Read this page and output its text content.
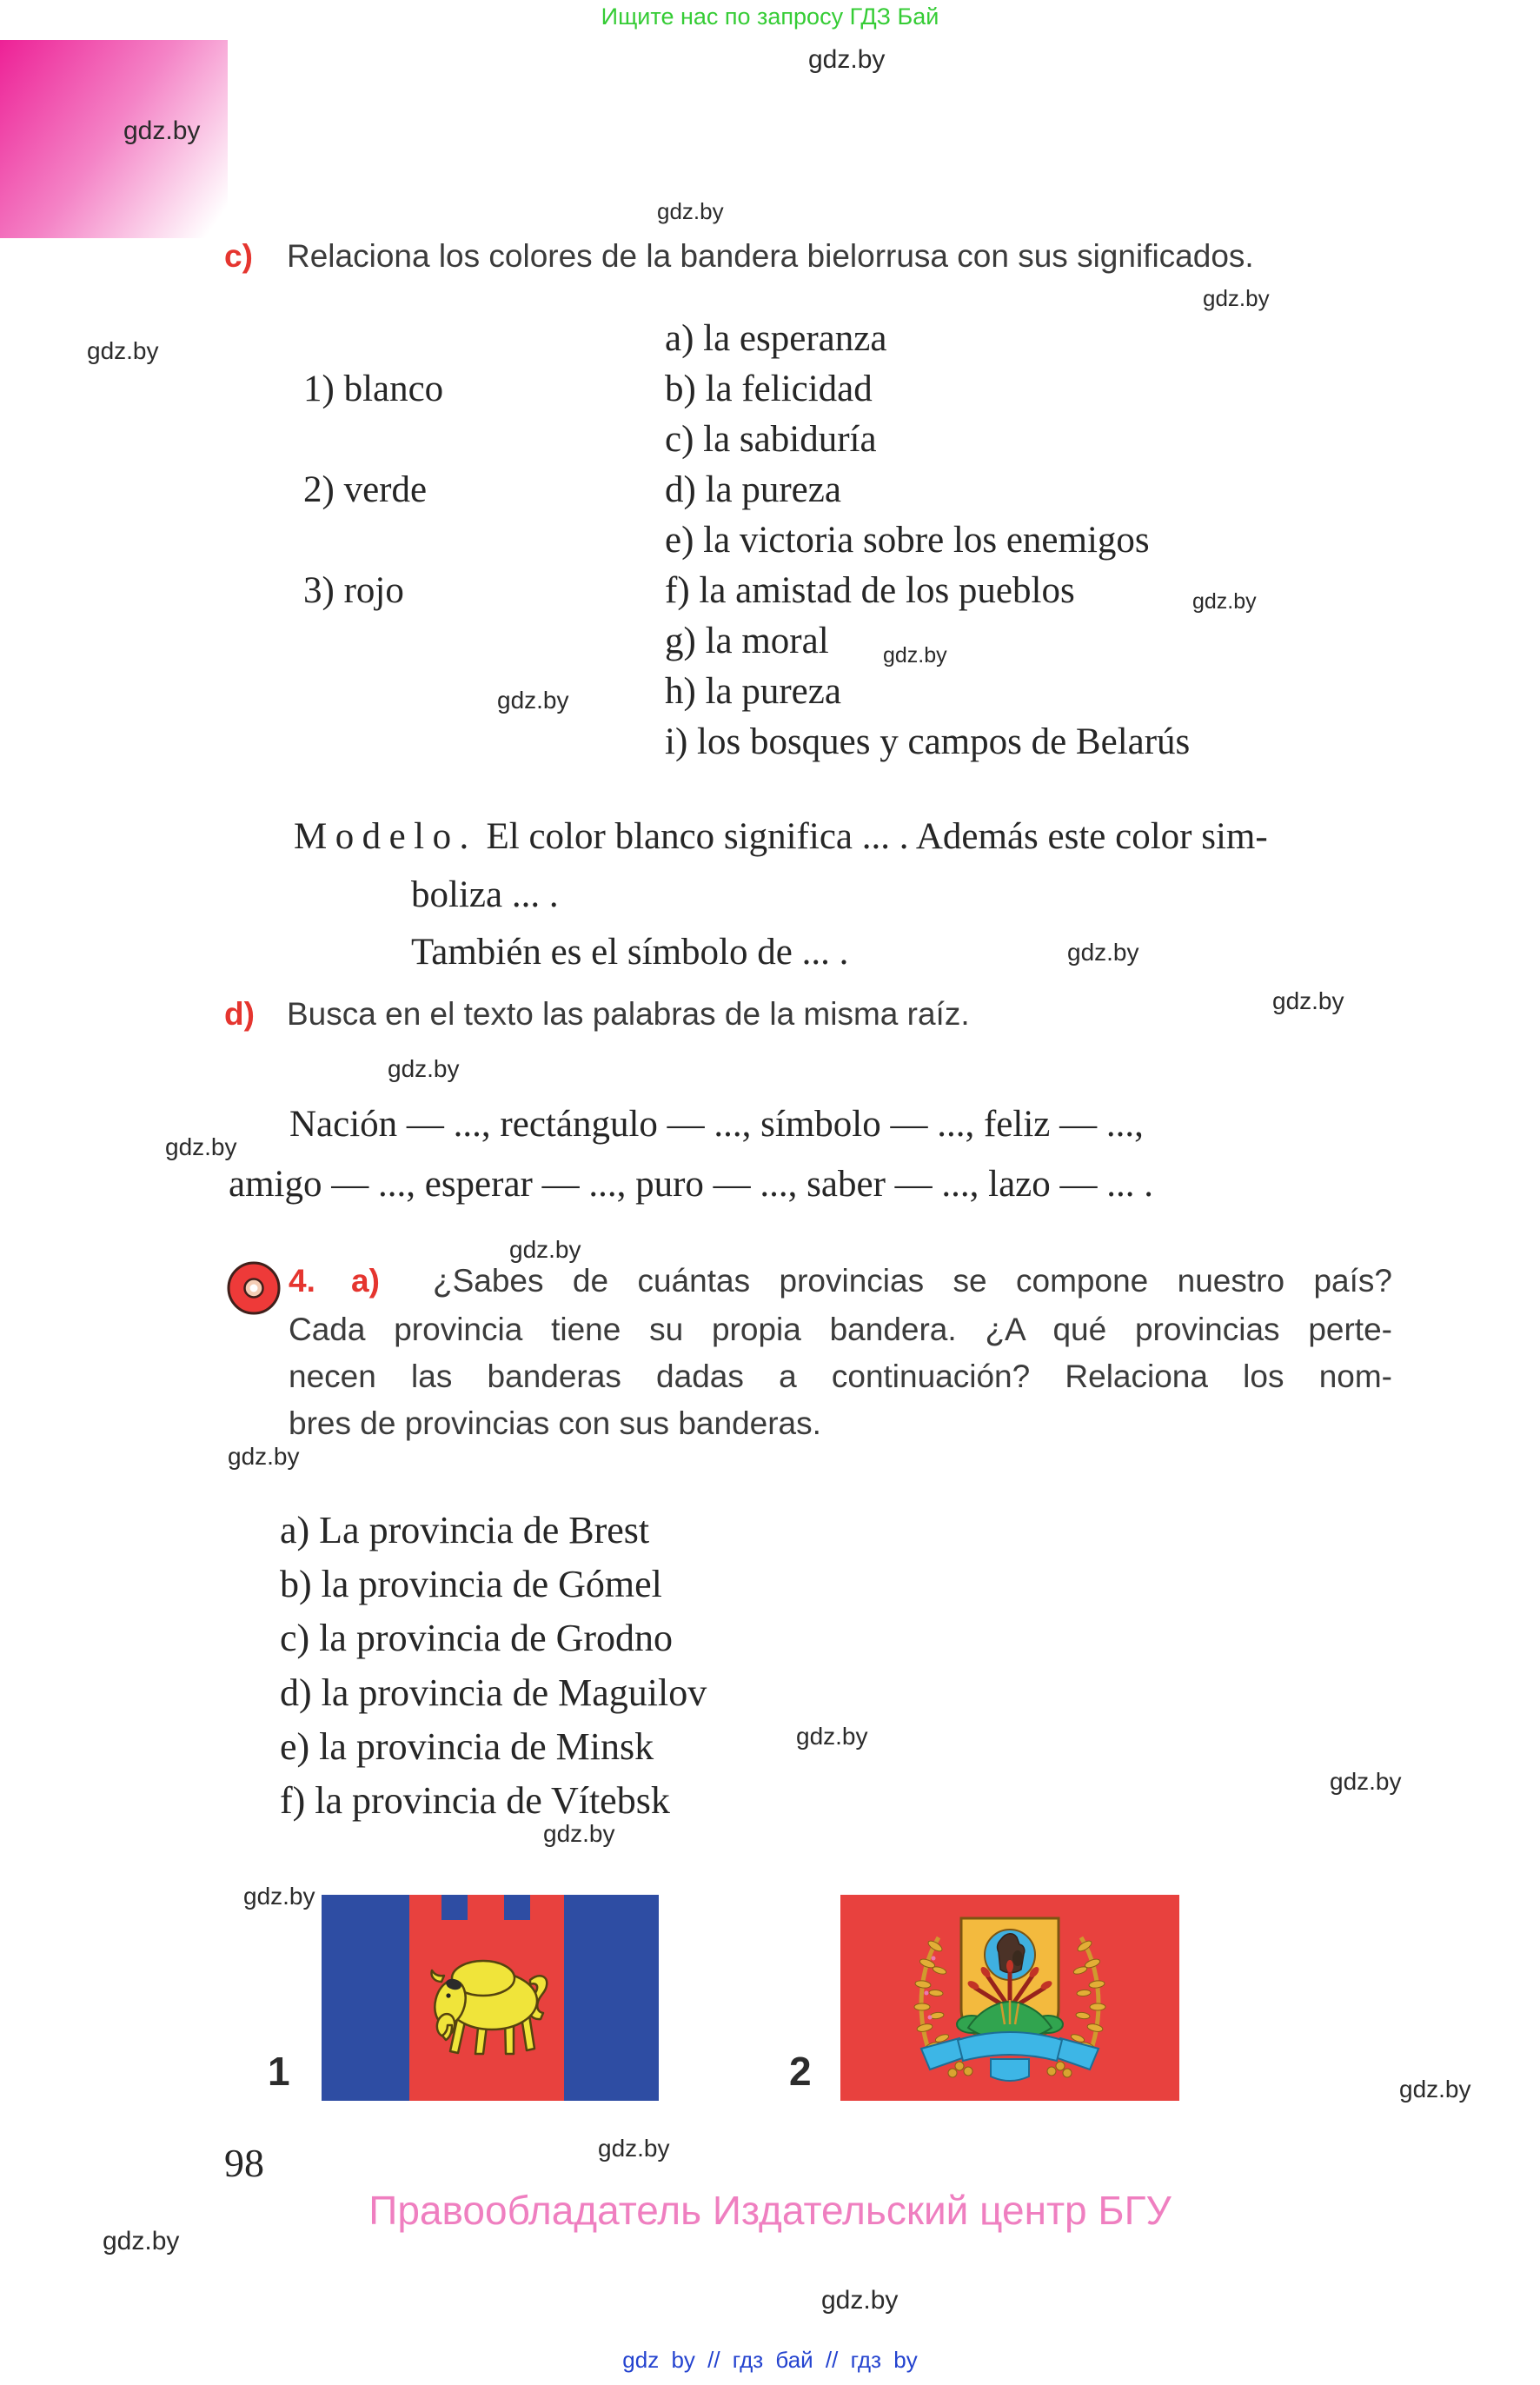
Ищите нас по запросу ГДЗ Бай
gdz.by
gdz.by
gdz.by
gdz.by
gdz.by
gdz.by
gdz.by
gdz.by
gdz.by
gdz.by
gdz.by
gdz.by
gdz.by
gdz.by
gdz.by
gdz.by
gdz.by
gdz.by
gdz.by
gdz.by
gdz.by
gdz.by
c) Relaciona los colores de la bandera bielorrusa con sus significados.
1) blanco
2) verde
3) rojo
a) la esperanza
b) la felicidad
c) la sabiduría
d) la pureza
e) la victoria sobre los enemigos
f) la amistad de los pueblos
g) la moral
h) la pureza
i) los bosques y campos de Belarús
Modelo. El color blanco significa ... . Además este color sim-
boliza ... .
También es el símbolo de ... .
d) Busca en el texto las palabras de la misma raíz.
Nación — ..., rectángulo — ..., símbolo — ..., feliz — ...,
amigo — ..., esperar — ..., puro — ..., saber — ..., lazo — ... .
4. a) ¿Sabes de cuántas provincias se compone nuestro país?
Cada provincia tiene su propia bandera. ¿A qué provincias perte-
necen las banderas dadas a continuación? Relaciona los nom-
bres de provincias con sus banderas.
a) La provincia de Brest
b) la provincia de Gómel
c) la provincia de Grodno
d) la provincia de Maguilov
e) la provincia de Minsk
f) la provincia de Vítebsk
1	2
98
Правообладатель Издательский центр БГУ
gdz by // гдз бай // гдз by
